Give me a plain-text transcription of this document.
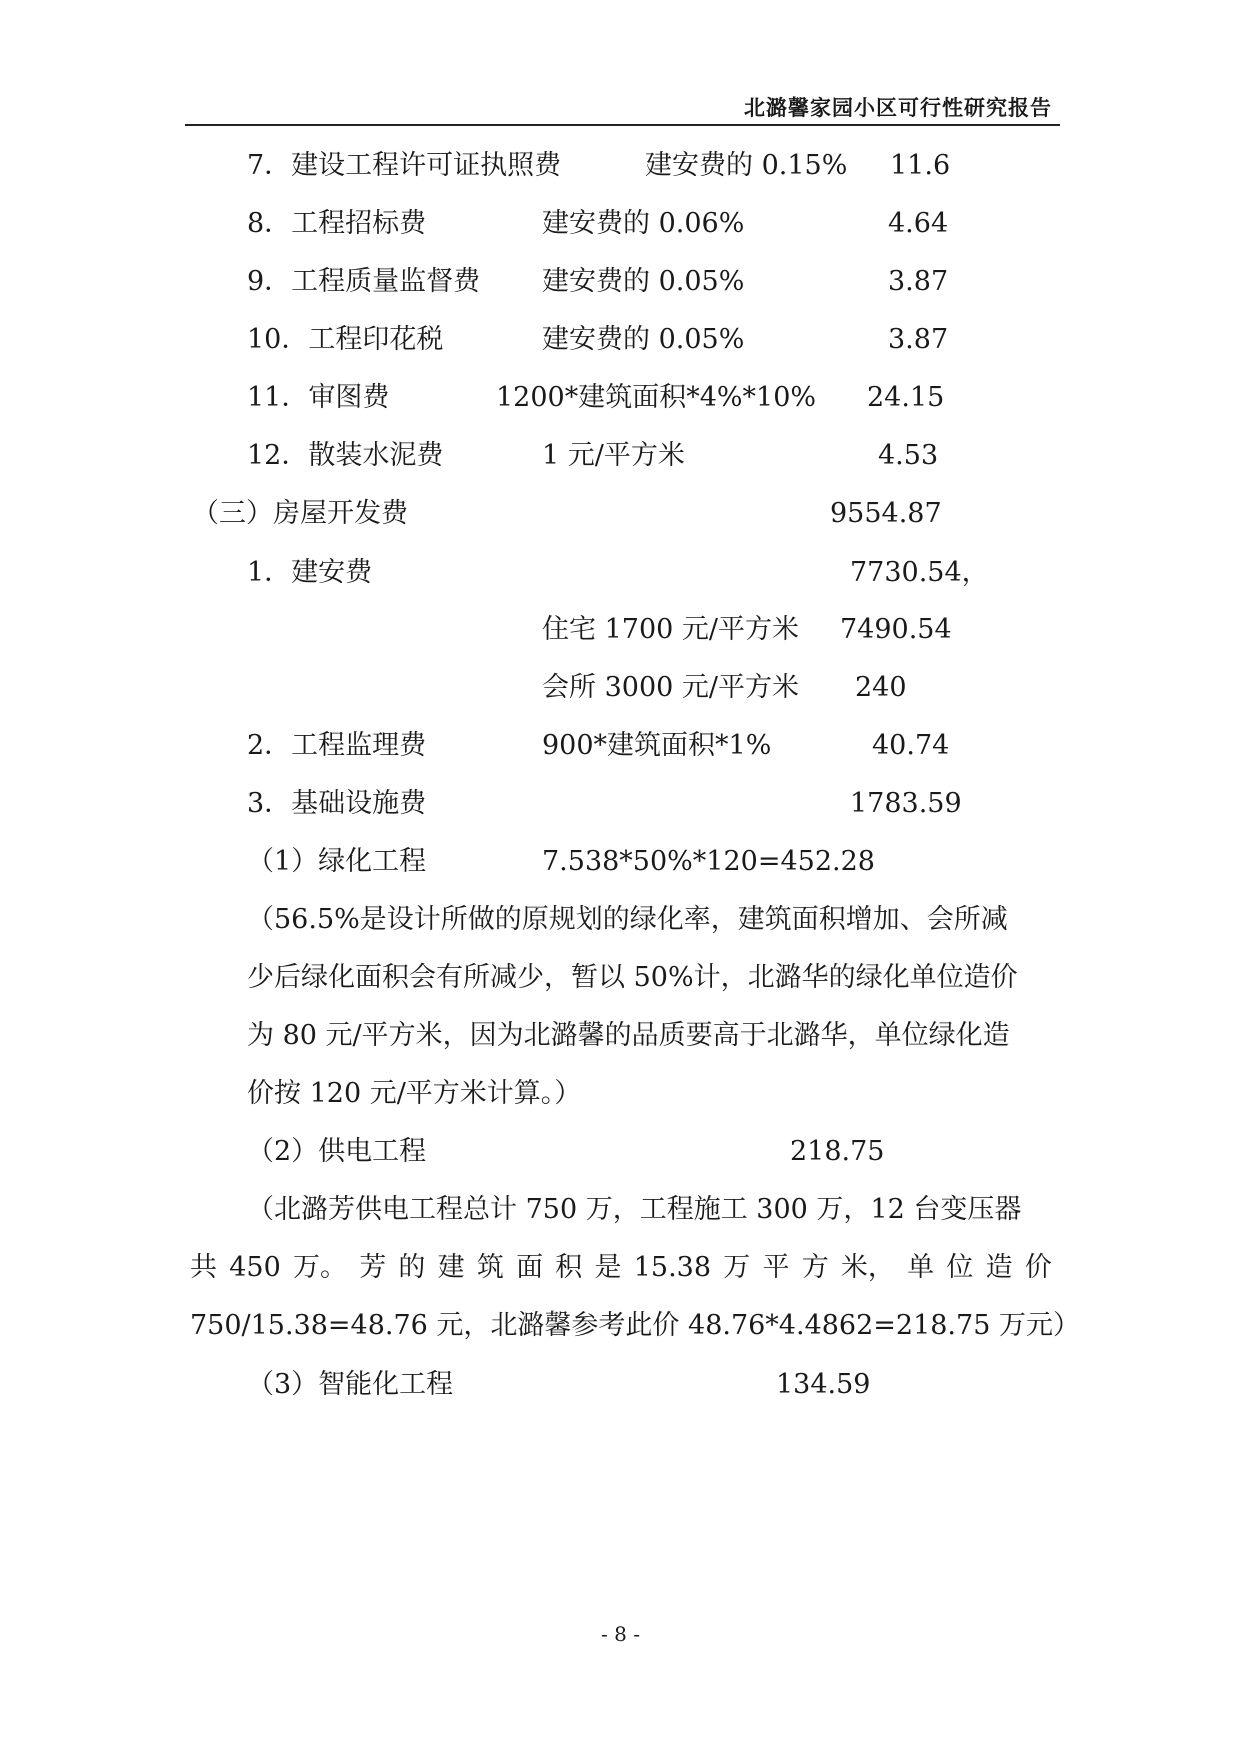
北潞馨家园小区可行性研究报告
7．建设工程许可证执照费	建安费的 0.15% 11.6
8．工程招标费	建安费的 0.06%	4.64
9．工程质量监督费 建安费的 0.05%	3.87
10．工程印花税	建安费的 0.05%	3.87
11．审图费	1200*建筑面积*4%*10% 24.15
12．散装水泥费	1 元/平方米	4.53
（三）房屋开发费	9554.87
1．建安费	7730.54，
住宅 1700 元/平方米 7490.54
会所 3000 元/平方米 240
2．工程监理费	900*建筑面积*1%	40.74
3．基础设施费	1783.59
（1）绿化工程	7.538*50%*120=452.28
（56.5%是设计所做的原规划的绿化率，建筑面积增加、会所减
少后绿化面积会有所减少，暂以 50%计，北潞华的绿化单位造价
为 80 元/平方米，因为北潞馨的品质要高于北潞华，单位绿化造
价按 120 元/平方米计算。）
（2）供电工程	218.75
（北潞芳供电工程总计 750 万，工程施工 300 万，12 台变压器
共 450 万。 芳 的 建 筑 面 积 是 15.38 万 平 方 米， 单 位 造 价
750/15.38=48.76 元，北潞馨参考此价 48.76*4.4862=218.75 万元）
（3）智能化工程	134.59
- 8 -
